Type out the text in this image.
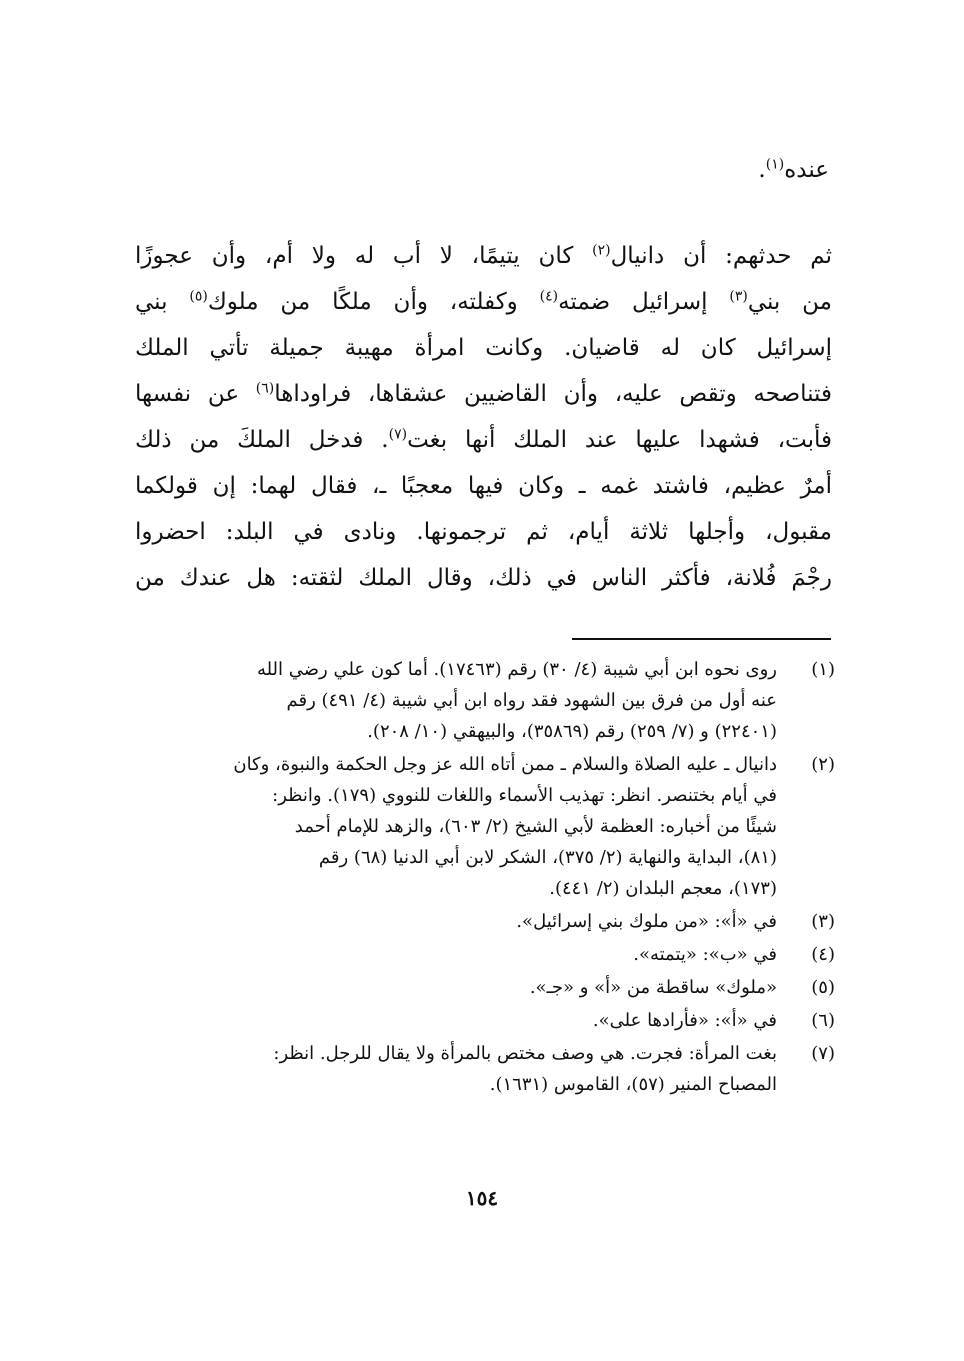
عنده$^{(١)}$.
ثم حدثهم: أن دانيال$^{(٢)}$ كان يتيمًا، لا أب له ولا أم، وأن عجوزًا
من بني$^{(٣)}$ إسرائيل ضمته$^{(٤)}$ وكفلته، وأن ملكًا من ملوك$^{(٥)}$ بني
إسرائيل كان له قاضيان. وكانت امرأة مهيبة جميلة تأتي الملك
فتناصحه وتقص عليه، وأن القاضيين عشقاها، فراوداها$^{(٦)}$ عن نفسها
فأبت، فشهدا عليها عند الملك أنها بغت$^{(٧)}$. فدخل الملكَ من ذلك
أمرٌ عظيم، فاشتد غمه ـ وكان فيها معجبًا ـ، فقال لهما: إن قولكما
مقبول، وأجلها ثلاثة أيام، ثم ترجمونها. ونادى في البلد: احضروا
رجْمَ فُلانة، فأكثر الناس في ذلك، وقال الملك لثقته: هل عندك من
(١)
روى نحوه ابن أبي شيبة (٤/ ٣٠) رقم (١٧٤٦٣). أما كون علي رضي الله
عنه أول من فرق بين الشهود فقد رواه ابن أبي شيبة (٤/ ٤٩١) رقم
(٢٢٤٠١) و (٧/ ٢٥٩) رقم (٣٥٨٦٩)، والبيهقي (١٠/ ٢٠٨).
(٢)
دانيال ـ عليه الصلاة والسلام ـ ممن أتاه الله عز وجل الحكمة والنبوة، وكان
في أيام بختنصر. انظر: تهذيب الأسماء واللغات للنووي (١٧٩). وانظر:
شيئًا من أخباره: العظمة لأبي الشيخ (٢/ ٦٠٣)، والزهد للإمام أحمد
(٨١)، البداية والنهاية (٢/ ٣٧٥)، الشكر لابن أبي الدنيا (٦٨) رقم
(١٧٣)، معجم البلدان (٢/ ٤٤١).
(٣)
في «أ»: «من ملوك بني إسرائيل».
(٤)
في «ب»: «يتمته».
(٥)
«ملوك» ساقطة من «أ» و «جـ».
(٦)
في «أ»: «فأرادها على».
(٧)
بغت المرأة: فجرت. هي وصف مختص بالمرأة ولا يقال للرجل. انظر:
المصباح المنير (٥٧)، القاموس (١٦٣١).
١٥٤
